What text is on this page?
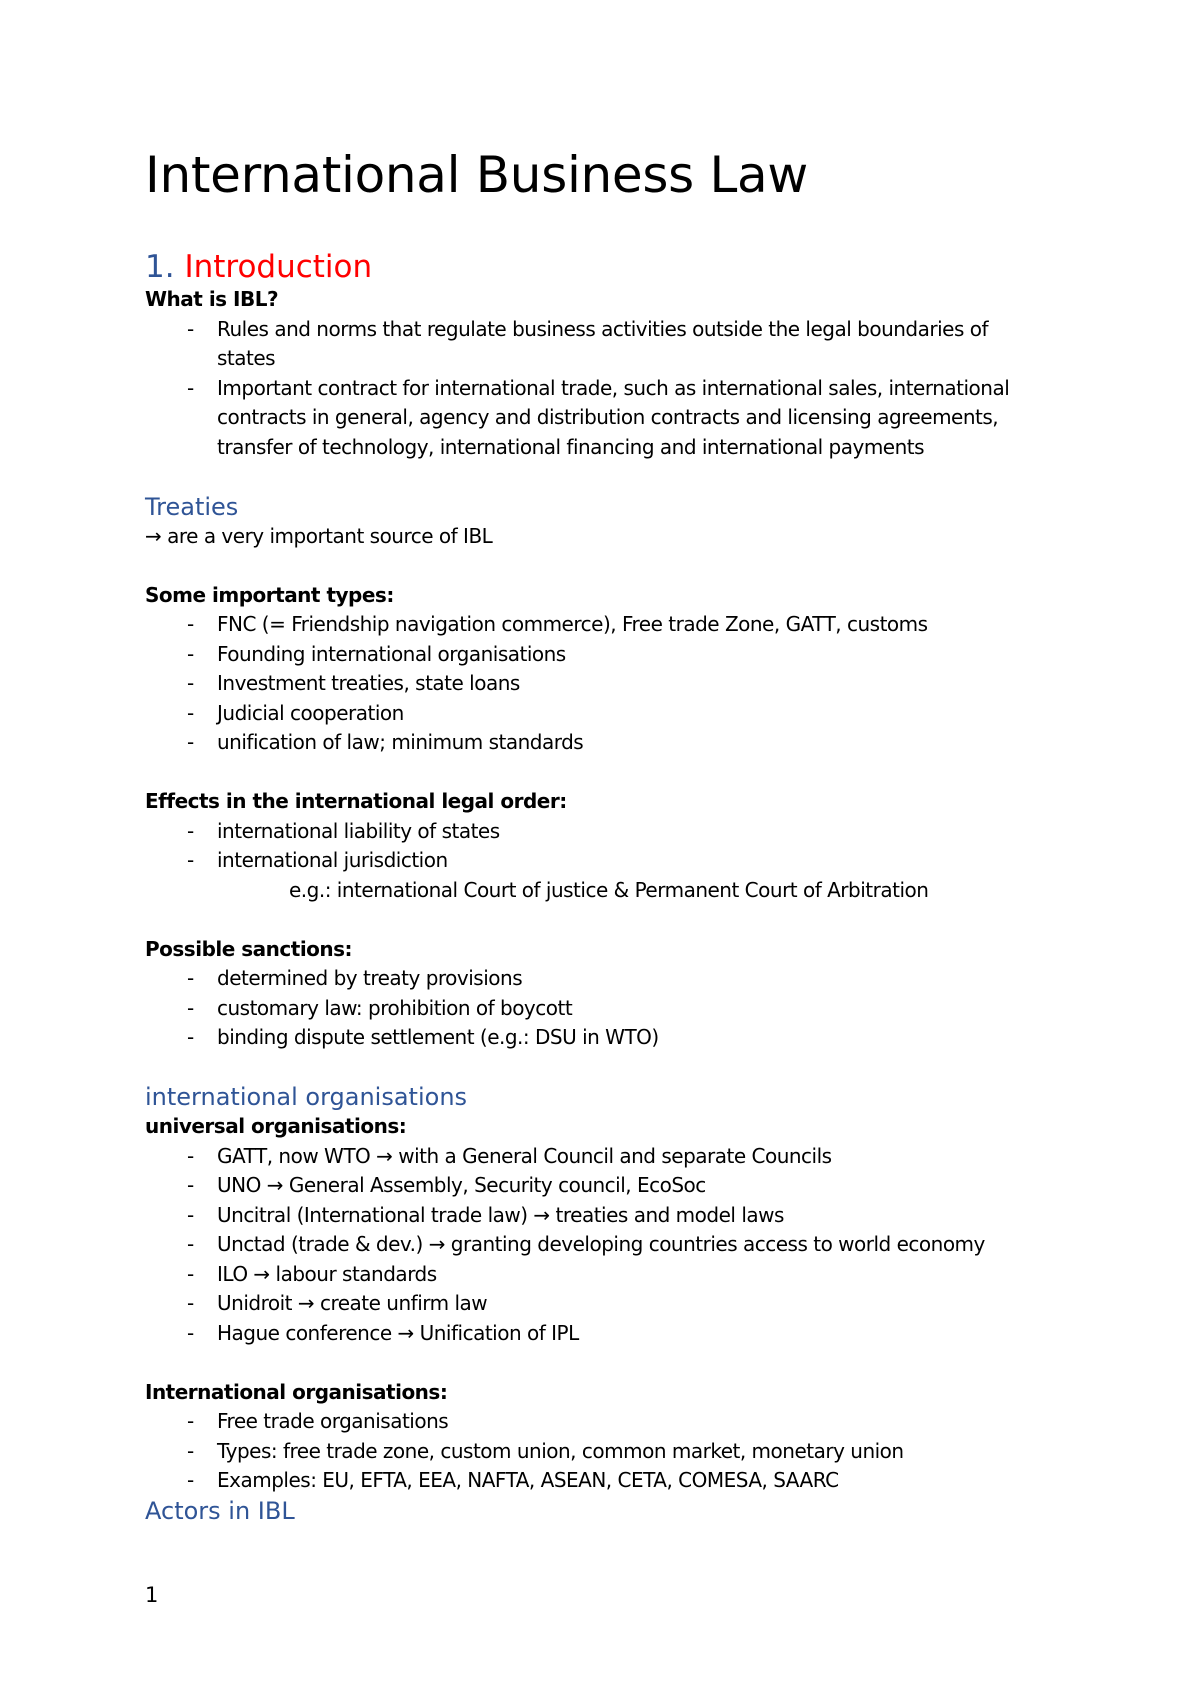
International Business Law
1. Introduction
What is IBL?
- Rules and norms that regulate business activities outside the legal boundaries of states
- Important contract for international trade, such as international sales, international contracts in general, agency and distribution contracts and licensing agreements, transfer of technology, international financing and international payments
Treaties
→ are a very important source of IBL
Some important types:
- FNC (= Friendship navigation commerce), Free trade Zone, GATT, customs
- Founding international organisations
- Investment treaties, state loans
- Judicial cooperation
- unification of law; minimum standards
Effects in the international legal order:
- international liability of states
- international jurisdiction
e.g.: international Court of justice & Permanent Court of Arbitration
Possible sanctions:
- determined by treaty provisions
- customary law: prohibition of boycott
- binding dispute settlement (e.g.: DSU in WTO)
international organisations
universal organisations:
- GATT, now WTO → with a General Council and separate Councils
- UNO → General Assembly, Security council, EcoSoc
- Uncitral (International trade law) → treaties and model laws
- Unctad (trade & dev.) → granting developing countries access to world economy
- ILO → labour standards
- Unidroit → create unfirm law
- Hague conference → Unification of IPL
International organisations:
- Free trade organisations
- Types: free trade zone, custom union, common market, monetary union
- Examples: EU, EFTA, EEA, NAFTA, ASEAN, CETA, COMESA, SAARC
Actors in IBL
1
